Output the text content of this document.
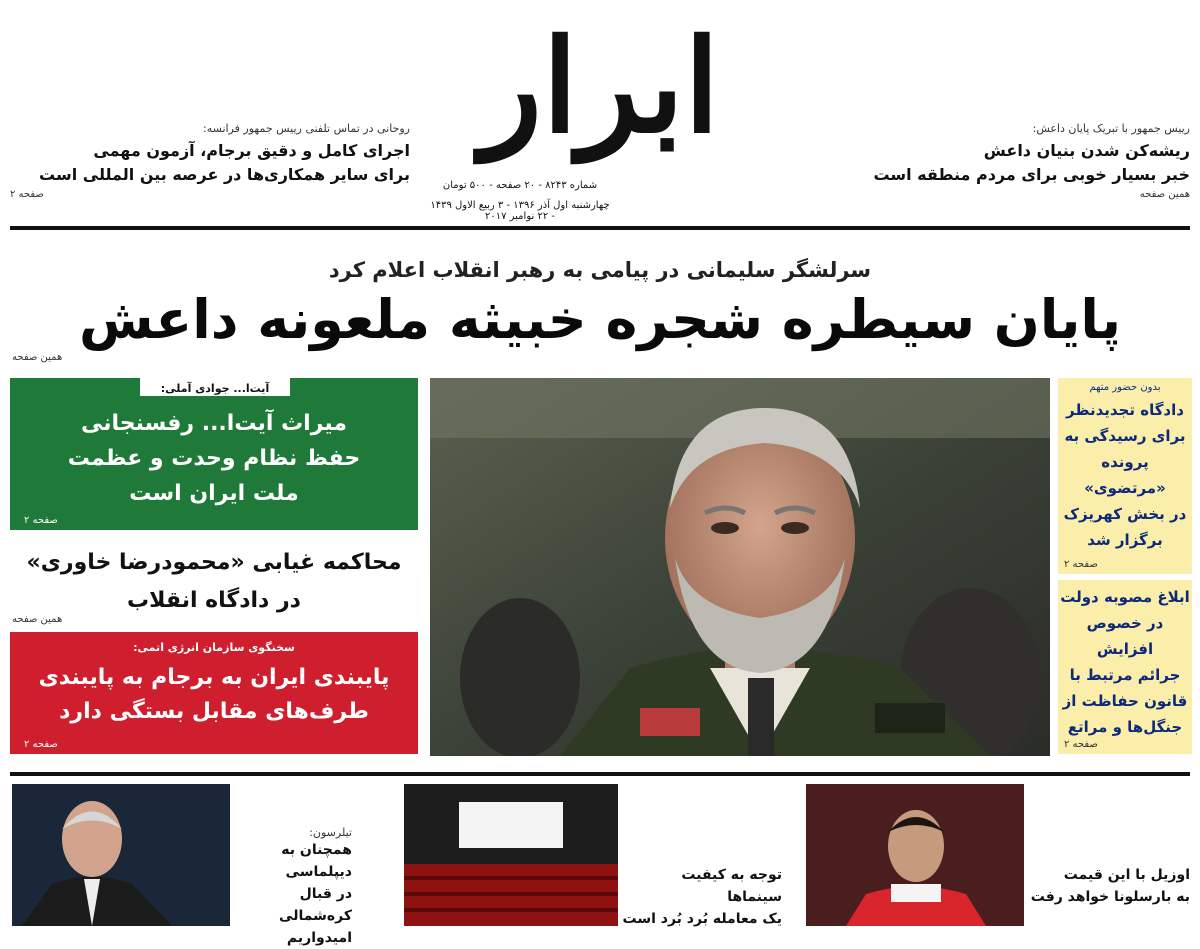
ابرار
شماره ۸۲۴۳ - ۲۰ صفحه - ۵۰۰ تومان
چهارشنبه اول آذر ۱۳۹۶ - ۳ ربیع الاول ۱۴۳۹ - ۲۲ نوامبر ۲۰۱۷
روحانی در تماس تلفنی رییس جمهور فرانسه:
اجرای کامل و دقیق برجام، آزمون مهمی
برای سایر همکاری‌ها در عرصه بین المللی است
صفحه ۲
رییس جمهور با تبریک پایان داعش:
ریشه‌کن شدن بنیان داعش
خبر بسیار خوبی برای مردم منطقه است
همین صفحه
سرلشگر سلیمانی در پیامی به رهبر انقلاب اعلام کرد
پایان سیطره شجره خبیثه ملعونه داعش
همین صفحه
آیت‌ا... جوادی آملی:
میراث آیت‌ا... رفسنجانی
حفظ نظام وحدت و عظمت
ملت ایران است
صفحه ۲
محاکمه غیابی «محمودرضا خاوری»
در دادگاه انقلاب
همین صفحه
سخنگوی سازمان انرژی اتمی:
پایبندی ایران به برجام به پایبندی
طرف‌های مقابل بستگی دارد
صفحه ۲
بدون حضور متهم
دادگاه تجدیدنظر
برای رسیدگی به
پرونده «مرتضوی»
در بخش کهریزک
برگزار شد
صفحه ۲
ابلاغ مصوبه دولت
در خصوص افزایش
جرائم مرتبط با
قانون حفاظت از
جنگل‌ها و مراتع
صفحه ۲
تیلرسون:
همچنان به دیپلماسی
در قبال کره‌شمالی
امیدواریم
توجه به کیفیت سینماها
یک معامله بُرد بُرد است
اوزیل با این قیمت
به بارسلونا خواهد رفت
